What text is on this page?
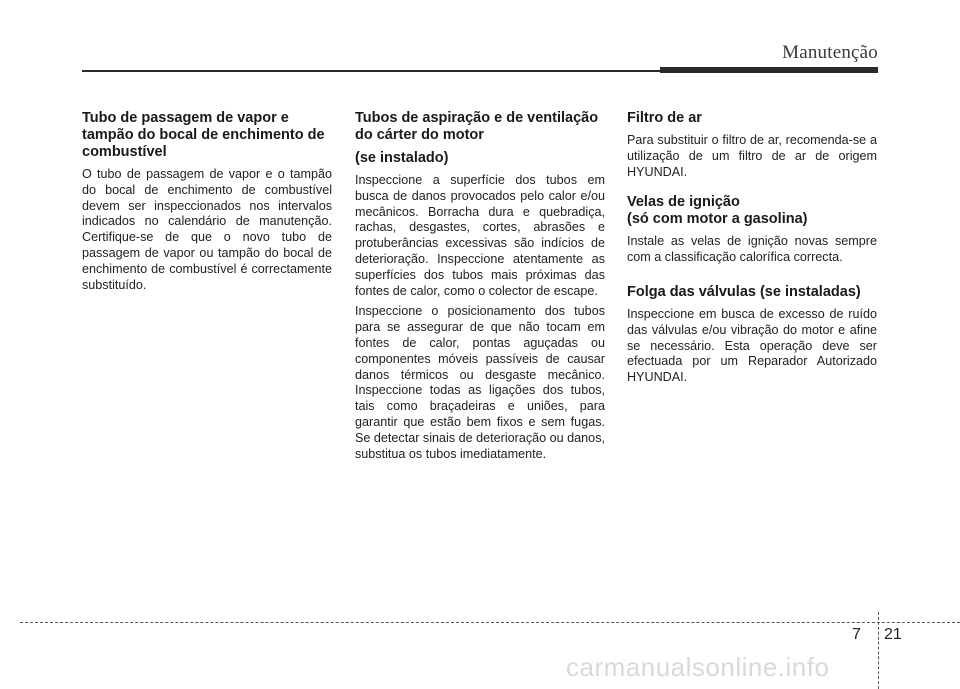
Manutenção
Tubo de passagem de vapor e tampão do bocal de enchimento de combustível

O tubo de passagem de vapor e o tampão do bocal de enchimento de combustível devem ser inspeccionados nos intervalos indicados no calendário de manutenção. Certifique-se de que o novo tubo de passagem de vapor ou tampão do bocal de enchimento de combustível é correctamente substituído.

Tubos de aspiração e de ventilação do cárter do motor
(se instalado)

Inspeccione a superfície dos tubos em busca de danos provocados pelo calor e/ou mecânicos. Borracha dura e quebradiça, rachas, desgastes, cortes, abrasões e protuberâncias excessivas são indícios de deterioração. Inspeccione atentamente as superfícies dos tubos mais próximas das fontes de calor, como o colector de escape.

Inspeccione o posicionamento dos tubos para se assegurar de que não tocam em fontes de calor, pontas aguçadas ou componentes móveis passíveis de causar danos térmicos ou desgaste mecânico. Inspeccione todas as ligações dos tubos, tais como braçadeiras e uniões, para garantir que estão bem fixos e sem fugas. Se detectar sinais de deterioração ou danos, substitua os tubos imediatamente.

Filtro de ar

Para substituir o filtro de ar, recomenda-se a utilização de um filtro de ar de origem HYUNDAI.

Velas de ignição
(só com motor a gasolina)

Instale as velas de ignição novas sempre com a classificação calorífica correcta.

Folga das válvulas (se instaladas)

Inspeccione em busca de excesso de ruído das válvulas e/ou vibração do motor e afine se necessário. Esta operação deve ser efectuada por um Reparador Autorizado HYUNDAI.

7 21
carmanualsonline.info
